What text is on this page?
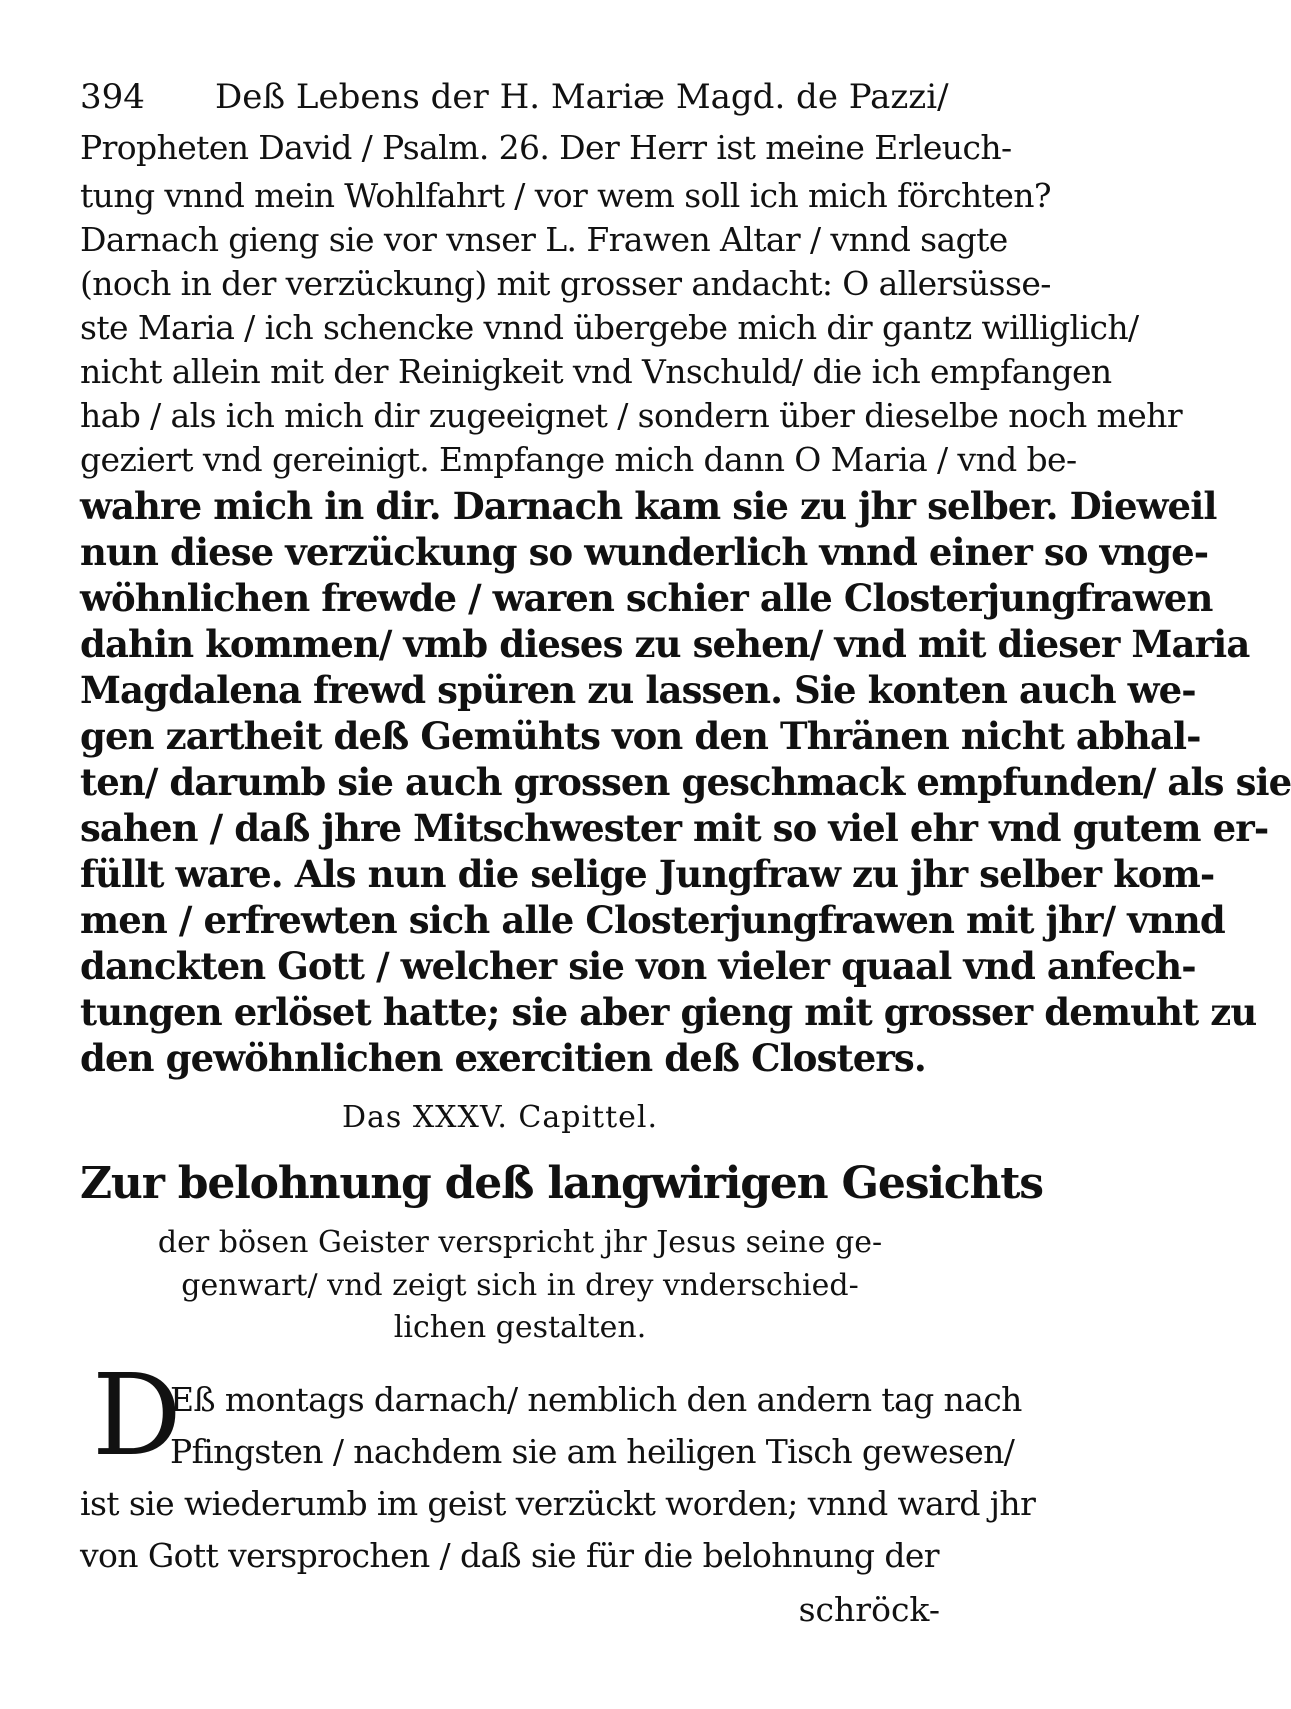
394 Deß Lebens der H. Mariæ Magd. de Pazzi/
Propheten David / Psalm. 26. Der Herr ist meine Erleuch-
tung vnnd mein Wohlfahrt / vor wem soll ich mich förchten?
Darnach gieng sie vor vnser L. Frawen Altar / vnnd sagte
(noch in der verzückung) mit grosser andacht: O allersüsse-
ste Maria / ich schencke vnnd übergebe mich dir gantz williglich/
nicht allein mit der Reinigkeit vnd Vnschuld/ die ich empfangen
hab / als ich mich dir zugeeignet / sondern über dieselbe noch mehr
geziert vnd gereinigt. Empfange mich dann O Maria / vnd be-
wahre mich in dir. Darnach kam sie zu jhr selber. Dieweil
nun diese verzückung so wunderlich vnnd einer so vnge-
wöhnlichen frewde / waren schier alle Closterjungfrawen
dahin kommen/ vmb dieses zu sehen/ vnd mit dieser Maria
Magdalena frewd spüren zu lassen. Sie konten auch we-
gen zartheit deß Gemühts von den Thränen nicht abhal-
ten/ darumb sie auch grossen geschmack empfunden/ als sie
sahen / daß jhre Mitschwester mit so viel ehr vnd gutem er-
füllt ware. Als nun die selige Jungfraw zu jhr selber kom-
men / erfrewten sich alle Closterjungfrawen mit jhr/ vnnd
danckten Gott / welcher sie von vieler quaal vnd anfech-
tungen erlöset hatte; sie aber gieng mit grosser demuht zu
den gewöhnlichen exercitien deß Closters.
Das XXXV. Capittel.
Zur belohnung deß langwirigen Gesichts
der bösen Geister verspricht jhr Jesus seine ge-
genwart/ vnd zeigt sich in drey vnderschied-
lichen gestalten.
D
Eß montags darnach/ nemblich den andern tag nach
Pfingsten / nachdem sie am heiligen Tisch gewesen/
ist sie wiederumb im geist verzückt worden; vnnd ward jhr
von Gott versprochen / daß sie für die belohnung der
schröck-
